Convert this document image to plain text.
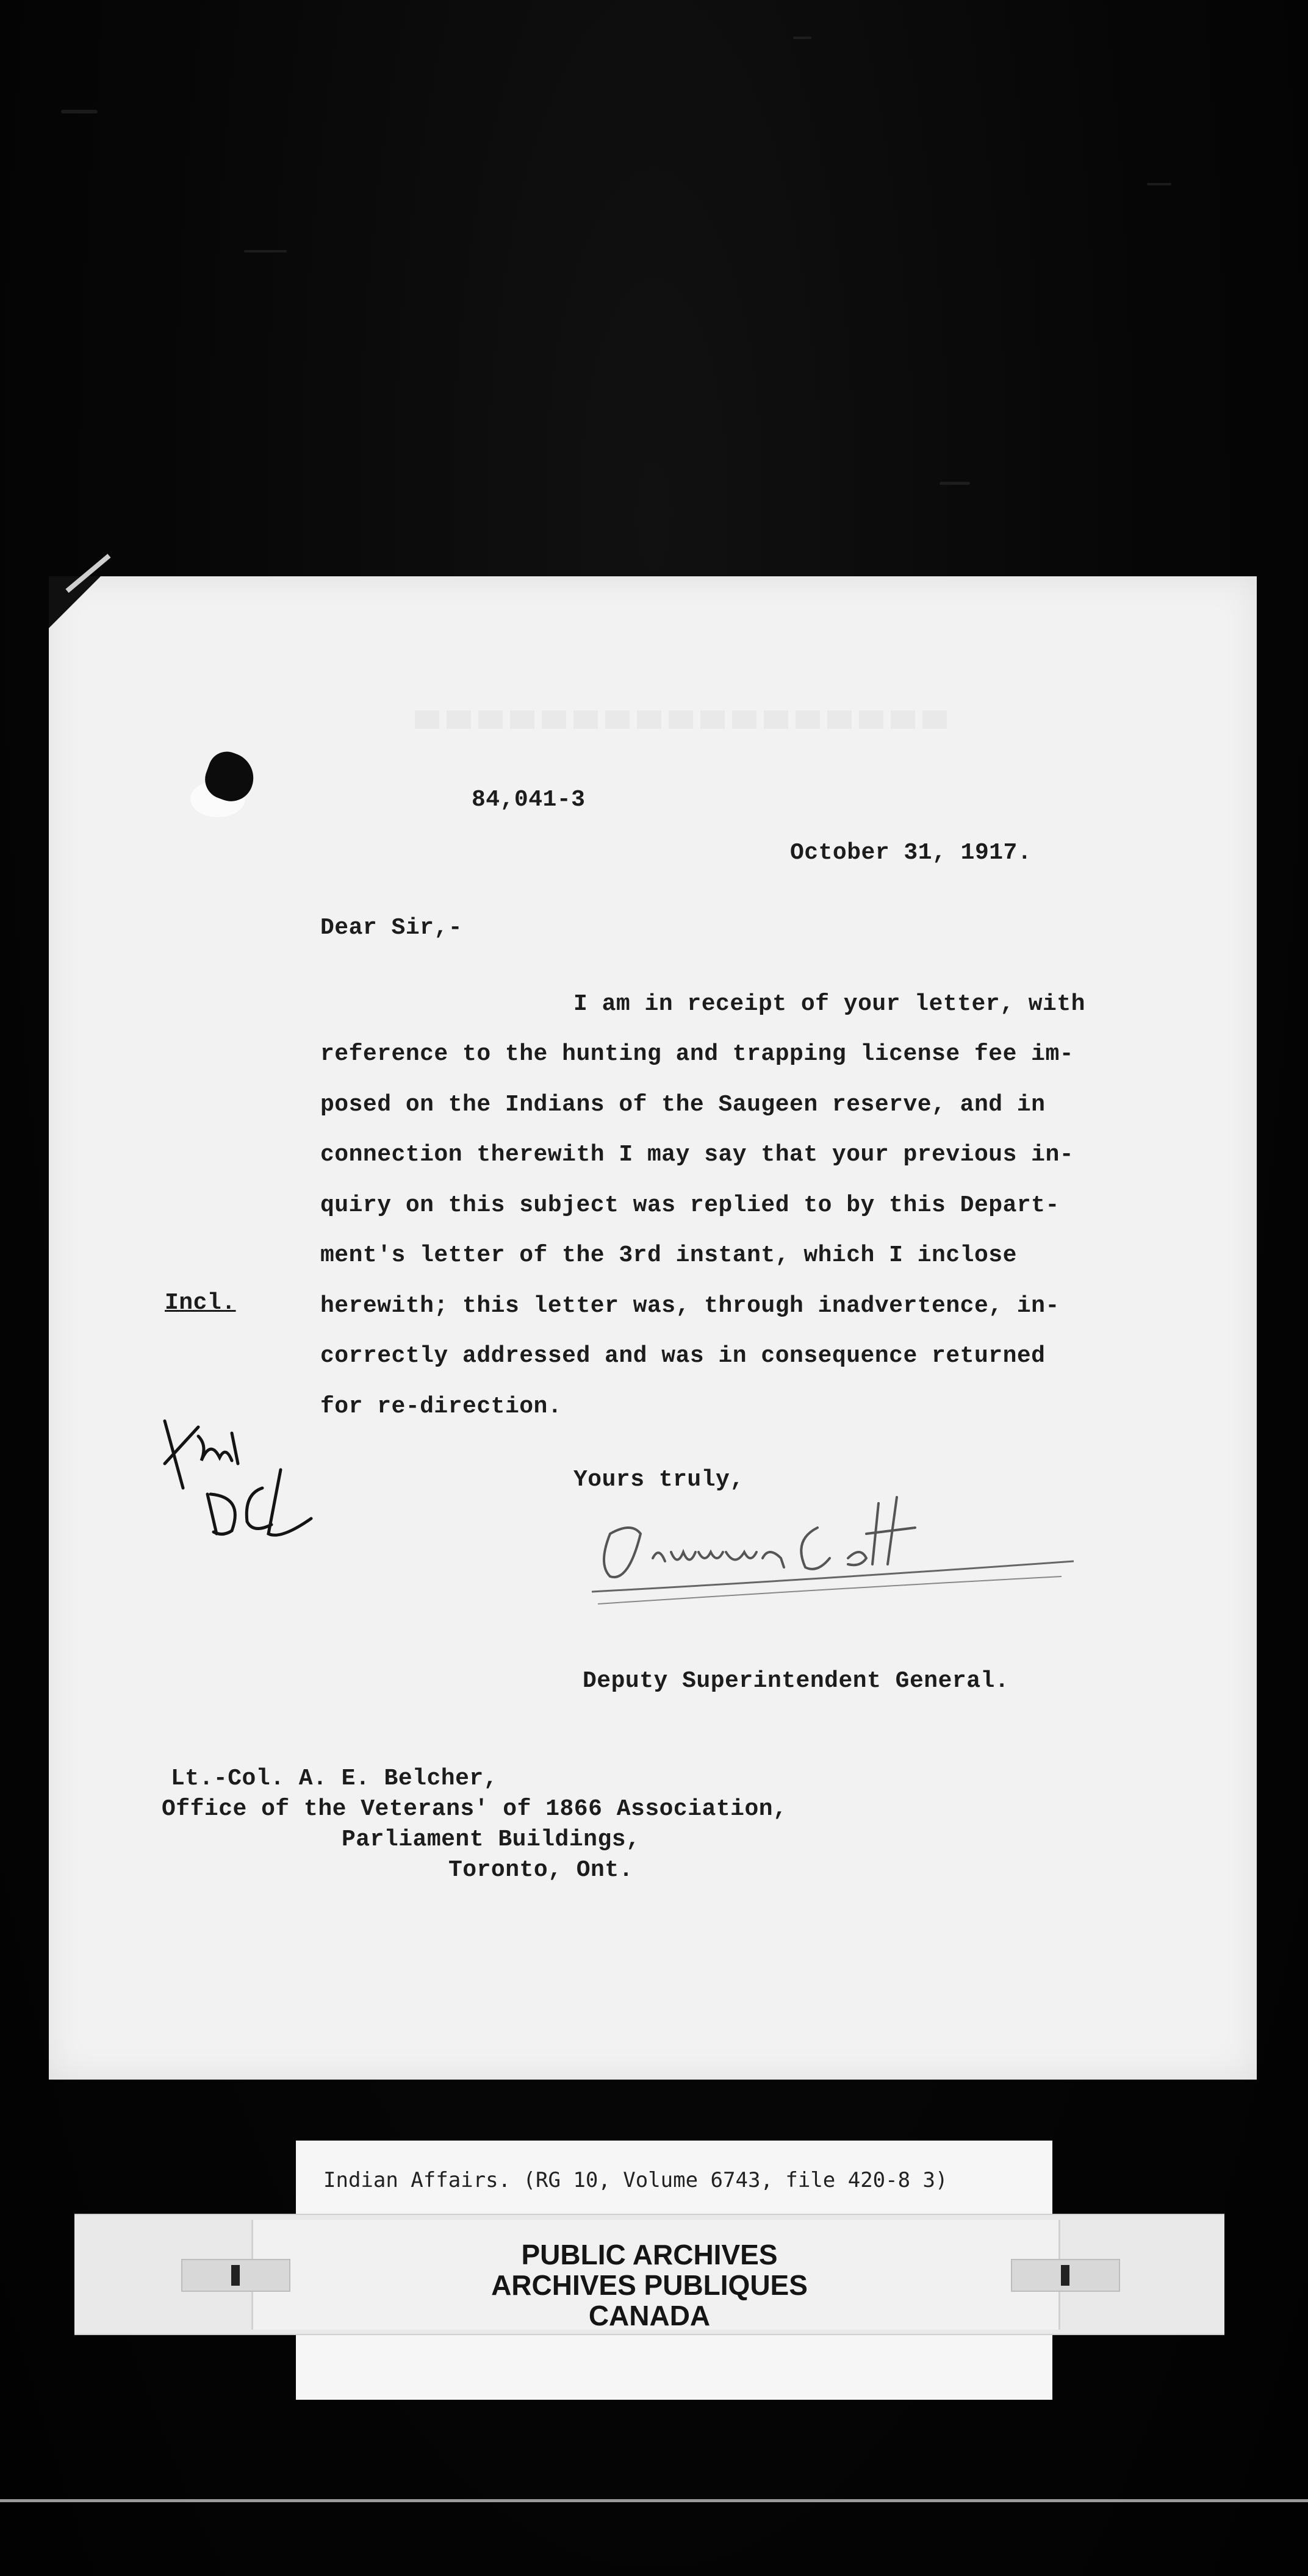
84,041-3
October 31, 1917.
Dear Sir,-
I am in receipt of your letter, with
reference to the hunting and trapping license fee im-
posed on the Indians of the Saugeen reserve, and in
connection therewith I may say that your previous in-
quiry on this subject was replied to by this Depart-
ment's letter of the 3rd instant, which I inclose
herewith; this letter was, through inadvertence, in-
correctly addressed and was in consequence returned
for re-direction.
Incl.
Yours truly,
Deputy Superintendent General.
Lt.-Col. A. E. Belcher,
Office of the Veterans' of 1866 Association,
Parliament Buildings,
Toronto, Ont.
Indian Affairs. (RG 10, Volume 6743, file 420-8 3)
PUBLIC ARCHIVES
ARCHIVES PUBLIQUES
CANADA
